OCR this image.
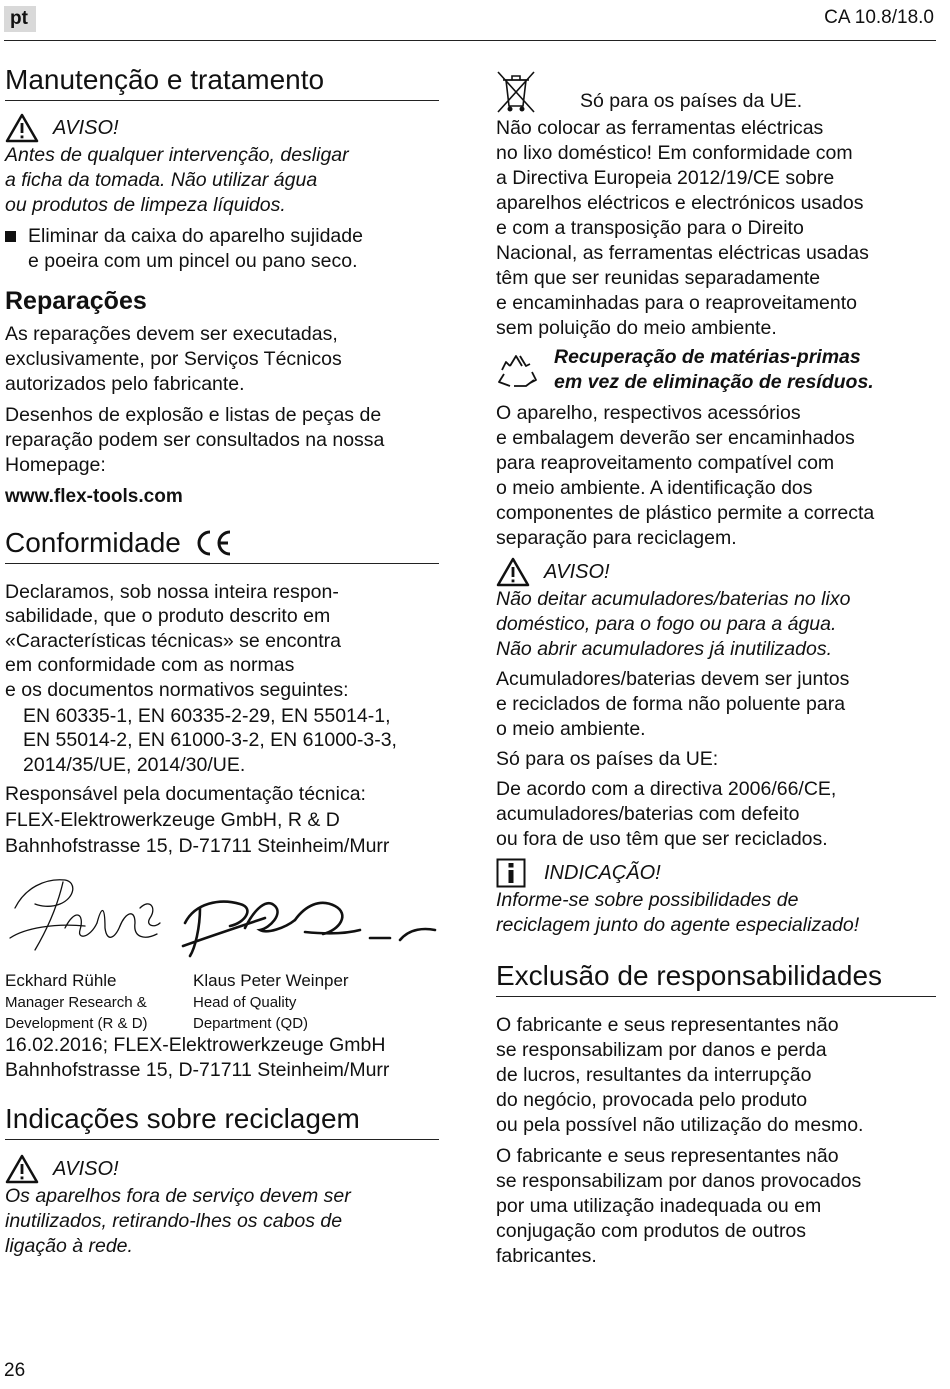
pt	CA 10.8/18.0
Manutenção e tratamento
AVISO!

Antes de qualquer intervenção, desligar
a ficha da tomada. Não utilizar água
ou produtos de limpeza líquidos.

Eliminar da caixa do aparelho sujidade
e poeira com um pincel ou pano seco.

Reparações

As reparações devem ser executadas,
exclusivamente, por Serviços Técnicos
autorizados pelo fabricante.

Desenhos de explosão e listas de peças de
reparação podem ser consultados na nossa
Homepage:

www.flex-tools.com

Conformidade

Declaramos, sob nossa inteira respon-
sabilidade, que o produto descrito em
«Características técnicas» se encontra
em conformidade com as normas
e os documentos normativos seguintes:

EN 60335-1, EN 60335-2-29, EN 55014-1,
EN 55014-2, EN 61000-3-2, EN 61000-3-3,
2014/35/UE, 2014/30/UE.

Responsável pela documentação técnica:
FLEX-Elektrowerkzeuge GmbH, R & D
Bahnhofstrasse 15, D-71711 Steinheim/Murr

Eckhard Rühle
Manager Research &
Development (R & D)
Klaus Peter Weinper
Head of Quality
Department (QD)

16.02.2016; FLEX-Elektrowerkzeuge GmbH
Bahnhofstrasse 15, D-71711 Steinheim/Murr

Indicações sobre reciclagem
AVISO!

Os aparelhos fora de serviço devem ser
inutilizados, retirando-lhes os cabos de
ligação à rede.

Só para os países da UE.

Não colocar as ferramentas eléctricas
no lixo doméstico! Em conformidade com
a Directiva Europeia 2012/19/CE sobre
aparelhos eléctricos e electrónicos usados
e com a transposição para o Direito
Nacional, as ferramentas eléctricas usadas
têm que ser reunidas separadamente
e encaminhadas para o reaproveitamento
sem poluição do meio ambiente.

Recuperação de matérias-primas
em vez de eliminação de resíduos.

O aparelho, respectivos acessórios
e embalagem deverão ser encaminhados
para reaproveitamento compatível com
o meio ambiente. A identificação dos
componentes de plástico permite a correcta
separação para reciclagem.

AVISO!

Não deitar acumuladores/baterias no lixo
doméstico, para o fogo ou para a água.
Não abrir acumuladores já inutilizados.

Acumuladores/baterias devem ser juntos
e reciclados de forma não poluente para
o meio ambiente.

Só para os países da UE:

De acordo com a directiva 2006/66/CE,
acumuladores/baterias com defeito
ou fora de uso têm que ser reciclados.

INDICAÇÃO!

Informe-se sobre possibilidades de
reciclagem junto do agente especializado!

Exclusão de responsabilidades

O fabricante e seus representantes não
se responsabilizam por danos e perda
de lucros, resultantes da interrupção
do negócio, provocada pelo produto
ou pela possível não utilização do mesmo.

O fabricante e seus representantes não
se responsabilizam por danos provocados
por uma utilização inadequada ou em
conjugação com produtos de outros
fabricantes.

26
